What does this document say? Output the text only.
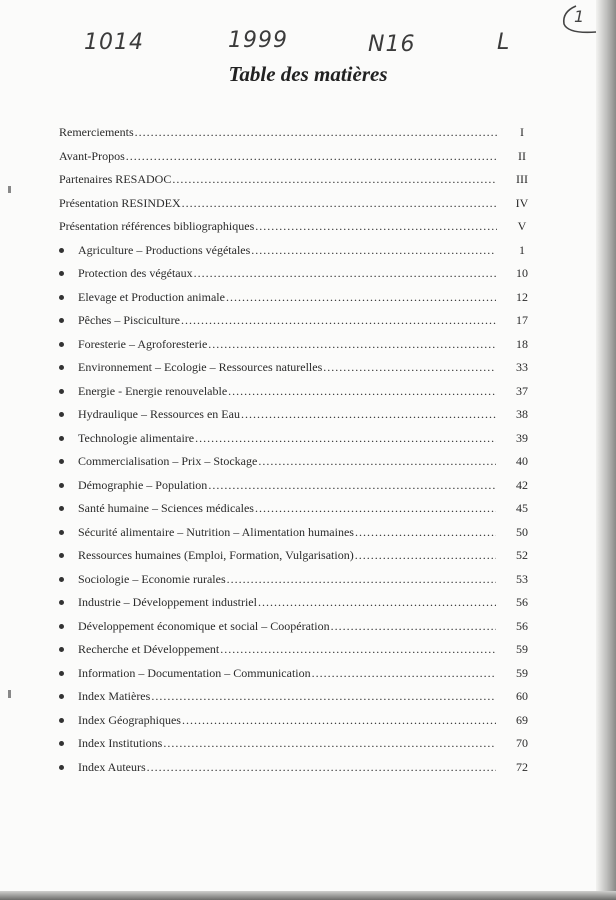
1014	1999	N16	L
1
Table des matières
Remerciements .....	I
Avant-Propos .....	II
Partenaires RESADOC .....	III
Présentation RESINDEX .....	IV
Présentation références bibliographiques .....	V
Agriculture – Productions végétales .....	1
Protection des végétaux .....	10
Elevage et Production animale .....	12
Pêches – Pisciculture .....	17
Foresterie – Agroforesterie .....	18
Environnement – Ecologie – Ressources naturelles .....	33
Energie - Energie renouvelable .....	37
Hydraulique – Ressources en Eau .....	38
Technologie alimentaire .....	39
Commercialisation – Prix – Stockage .....	40
Démographie – Population .....	42
Santé humaine – Sciences médicales .....	45
Sécurité alimentaire – Nutrition – Alimentation humaines .....	50
Ressources humaines (Emploi, Formation, Vulgarisation) .....	52
Sociologie – Economie rurales .....	53
Industrie – Développement industriel .....	56
Développement économique et social – Coopération .....	56
Recherche et Développement .....	59
Information – Documentation – Communication .....	59
Index Matières .....	60
Index Géographiques .....	69
Index Institutions .....	70
Index Auteurs .....	72
